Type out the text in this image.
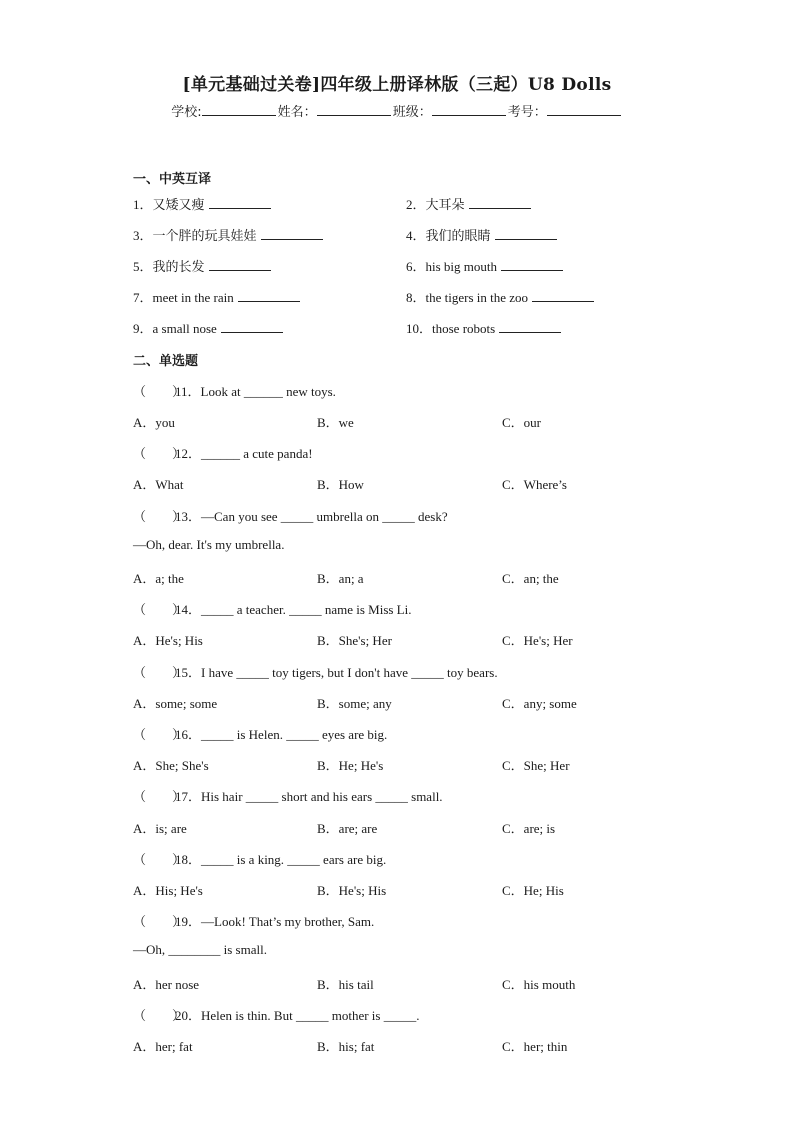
[单元基础过关卷]四年级上册译林版（三起）U8 Dolls
学校:	姓名：	班级：	考号：
一、中英互译
1．又矮又瘦	2．大耳朵
3．一个胖的玩具娃娃	4．我们的眼睛
5．我的长发	6．his big mouth
7．meet in the rain	8．the tigers in the zoo
9．a small nose	10．those robots
二、单选题
（　　）11．Look at ______ new toys.
A．you	B．we	C．our
（　　）12．______ a cute panda!
A．What	B．How	C．Where’s
（　　）13．—Can you see _____ umbrella on _____ desk?
—Oh, dear. It's my umbrella.
A．a; the	B．an; a	C．an; the
（　　）14．_____ a teacher. _____ name is Miss Li.
A．He's; His	B．She's; Her	C．He's; Her
（　　）15．I have _____ toy tigers, but I don't have _____ toy bears.
A．some; some	B．some; any	C．any; some
（　　）16．_____ is Helen. _____ eyes are big.
A．She; She's	B．He; He's	C．She; Her
（　　）17．His hair _____ short and his ears _____ small.
A．is; are	B．are; are	C．are; is
（　　）18．_____ is a king. _____ ears are big.
A．His; He's	B．He's; His	C．He; His
（　　）19．—Look! That’s my brother, Sam.
—Oh, ________ is small.
A．her nose	B．his tail	C．his mouth
（　　）20．Helen is thin. But _____ mother is _____.
A．her; fat	B．his; fat	C．her; thin
